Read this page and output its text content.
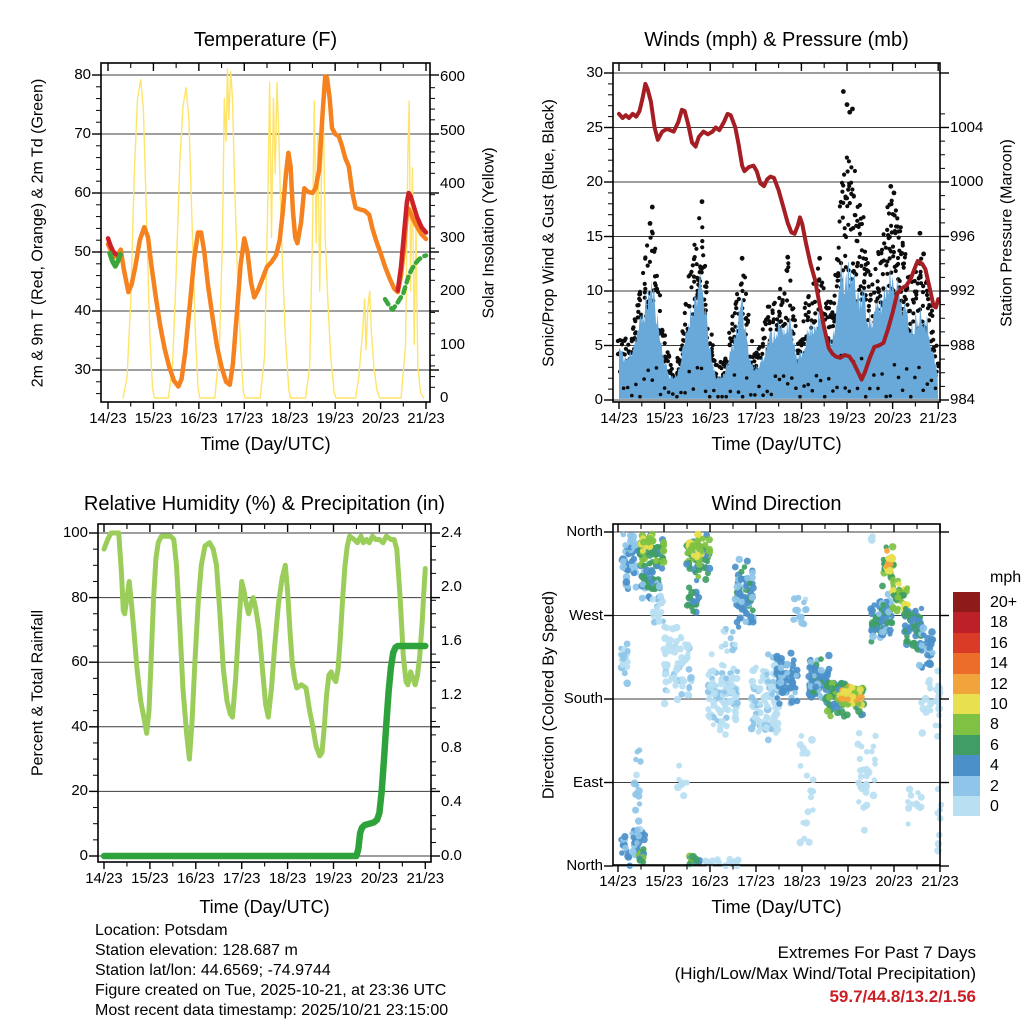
Temperature (F)
2m & 9m T (Red, Orange) & 2m Td (Green)	Solar Insolation (Yellow)
Time (Day/UTC)
Winds (mph) & Pressure (mb)
Sonic/Prop Wind & Gust (Blue, Black)	Station Pressure (Maroon)
Time (Day/UTC)
Relative Humidity (%) & Precipitation (in)
Percent & Total Rainfall
Time (Day/UTC)
Wind Direction
Direction (Colored By Speed)
Time (Day/UTC)
mph
20+
18
16
14
12
10
8
6
4
2
0
Location: Potsdam
Station elevation: 128.687 m
Station lat/lon: 44.6569; -74.9744
Figure created on Tue, 2025-10-21, at 23:36 UTC
Most recent data timestamp: 2025/10/21 23:15:00
Extremes For Past 7 Days
(High/Low/Max Wind/Total Precipitation)
59.7/44.8/13.2/1.56
14/23 15/23 16/23 17/23 18/23 19/23 20/23 21/23
30
40
50
60
70
80
0
100
200
300
400
500
600
14/23 15/23 16/23 17/23 18/23 19/23 20/23 21/23
0
5
10
15
20
25
30
984
988
992
996
1000
1004
14/23 15/23 16/23 17/23 18/23 19/23 20/23 21/23
0
20
40
60
80
100
0.0
0.4
0.8
1.2
1.6
2.0
2.4
14/23 15/23 16/23 17/23 18/23 19/23 20/23 21/23
North
West
South
East
North
